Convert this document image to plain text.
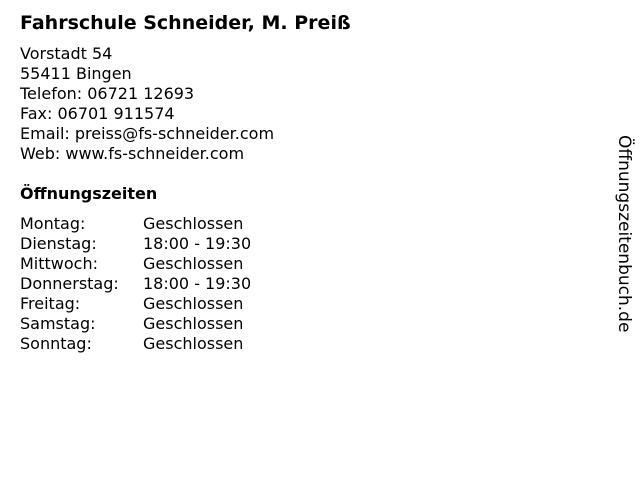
Fahrschule Schneider, M. Preiß
Vorstadt 54
55411 Bingen
Telefon: 06721 12693
Fax: 06701 911574
Email: preiss@fs-schneider.com
Web: www.fs-schneider.com
Öffnungszeiten
Montag:	Geschlossen
Dienstag:	18:00 - 19:30
Mittwoch:	Geschlossen
Donnerstag: 18:00 - 19:30
Freitag:	Geschlossen
Samstag:	Geschlossen
Sonntag:	Geschlossen
Öffnungszeitenbuch.de
